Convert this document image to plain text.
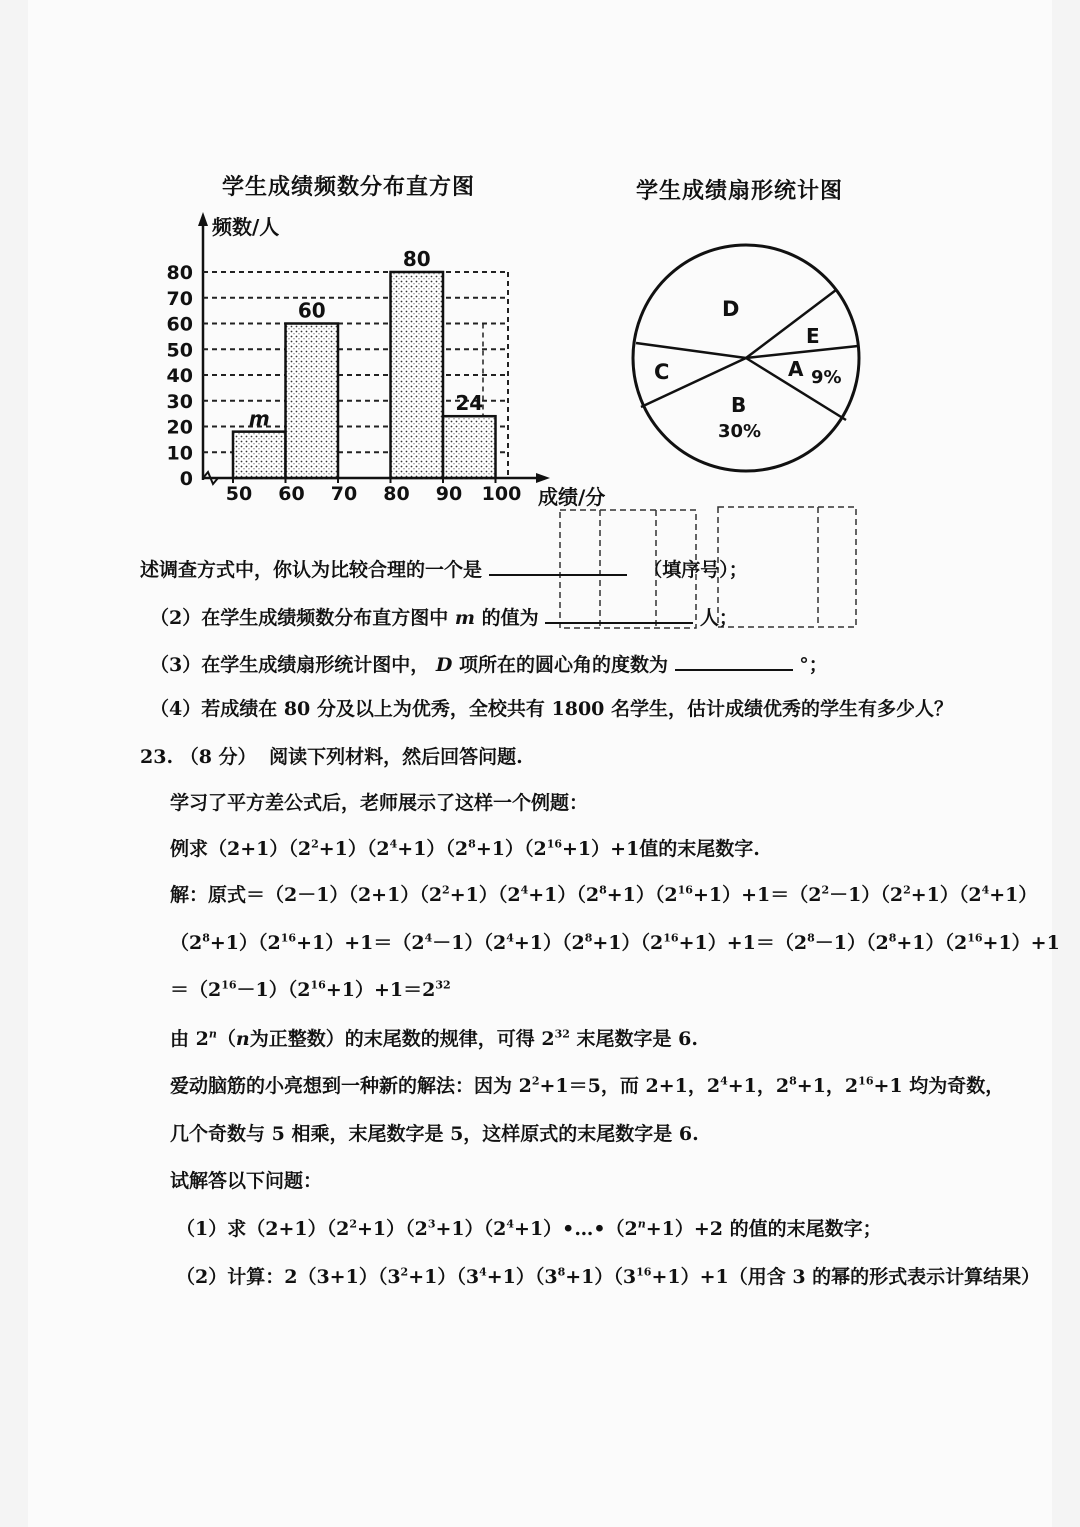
学生成绩频数分布直方图	学生成绩扇形统计图
m
60
80
24
0
10
20
30
40
50
60
70
80
50 60 70 80 90 100
频数/人
成绩/分
D
E
A 9%
B
30%
C
述调查方式中，你认为比较合理的一个是	（填序号）；
（2）在学生成绩频数分布直方图中 m 的值为	人；
（3）在学生成绩扇形统计图中， D 项所在的圆心角的度数为	°；
（4）若成绩在 80 分及以上为优秀，全校共有 1800 名学生，估计成绩优秀的学生有多少人？
23. （8 分） 阅读下列材料，然后回答问题.
学习了平方差公式后，老师展示了这样一个例题：
例求$(2+1)(2^2+1)(2^4+1)(2^8+1)(2^{16}+1)+1$值的末尾数字.
解：原式$=(2-1)(2+1)(2^2+1)(2^4+1)(2^8+1)(2^{16}+1)+1=(2^2-1)(2^2+1)(2^4+1)$
$(2^8+1)(2^{16}+1)+1=(2^4-1)(2^4+1)(2^8+1)(2^{16}+1)+1=(2^8-1)(2^8+1)(2^{16}+1)+1$
$=(2^{16}-1)(2^{16}+1)+1=2^{32}$
由 2$^n$（n为正整数）的末尾数的规律，可得 $2^{32}$ 末尾数字是 6.
爱动脑筋的小亮想到一种新的解法：因为 $2^2+1=5$，而 2+1，$2^4+1$，$2^8+1$，$2^{16}+1$ 均为奇数，
几个奇数与 5 相乘，末尾数字是 5，这样原式的末尾数字是 6.
试解答以下问题：
（1）求$(2+1)(2^2+1)(2^3+1)(2^4+1)•\dots•(2^n+1)+2$ 的值的末尾数字；
（2）计算：$2(3+1)(3^2+1)(3^4+1)(3^8+1)(3^{16}+1)+1$（用含 3 的幂的形式表示计算结果）
